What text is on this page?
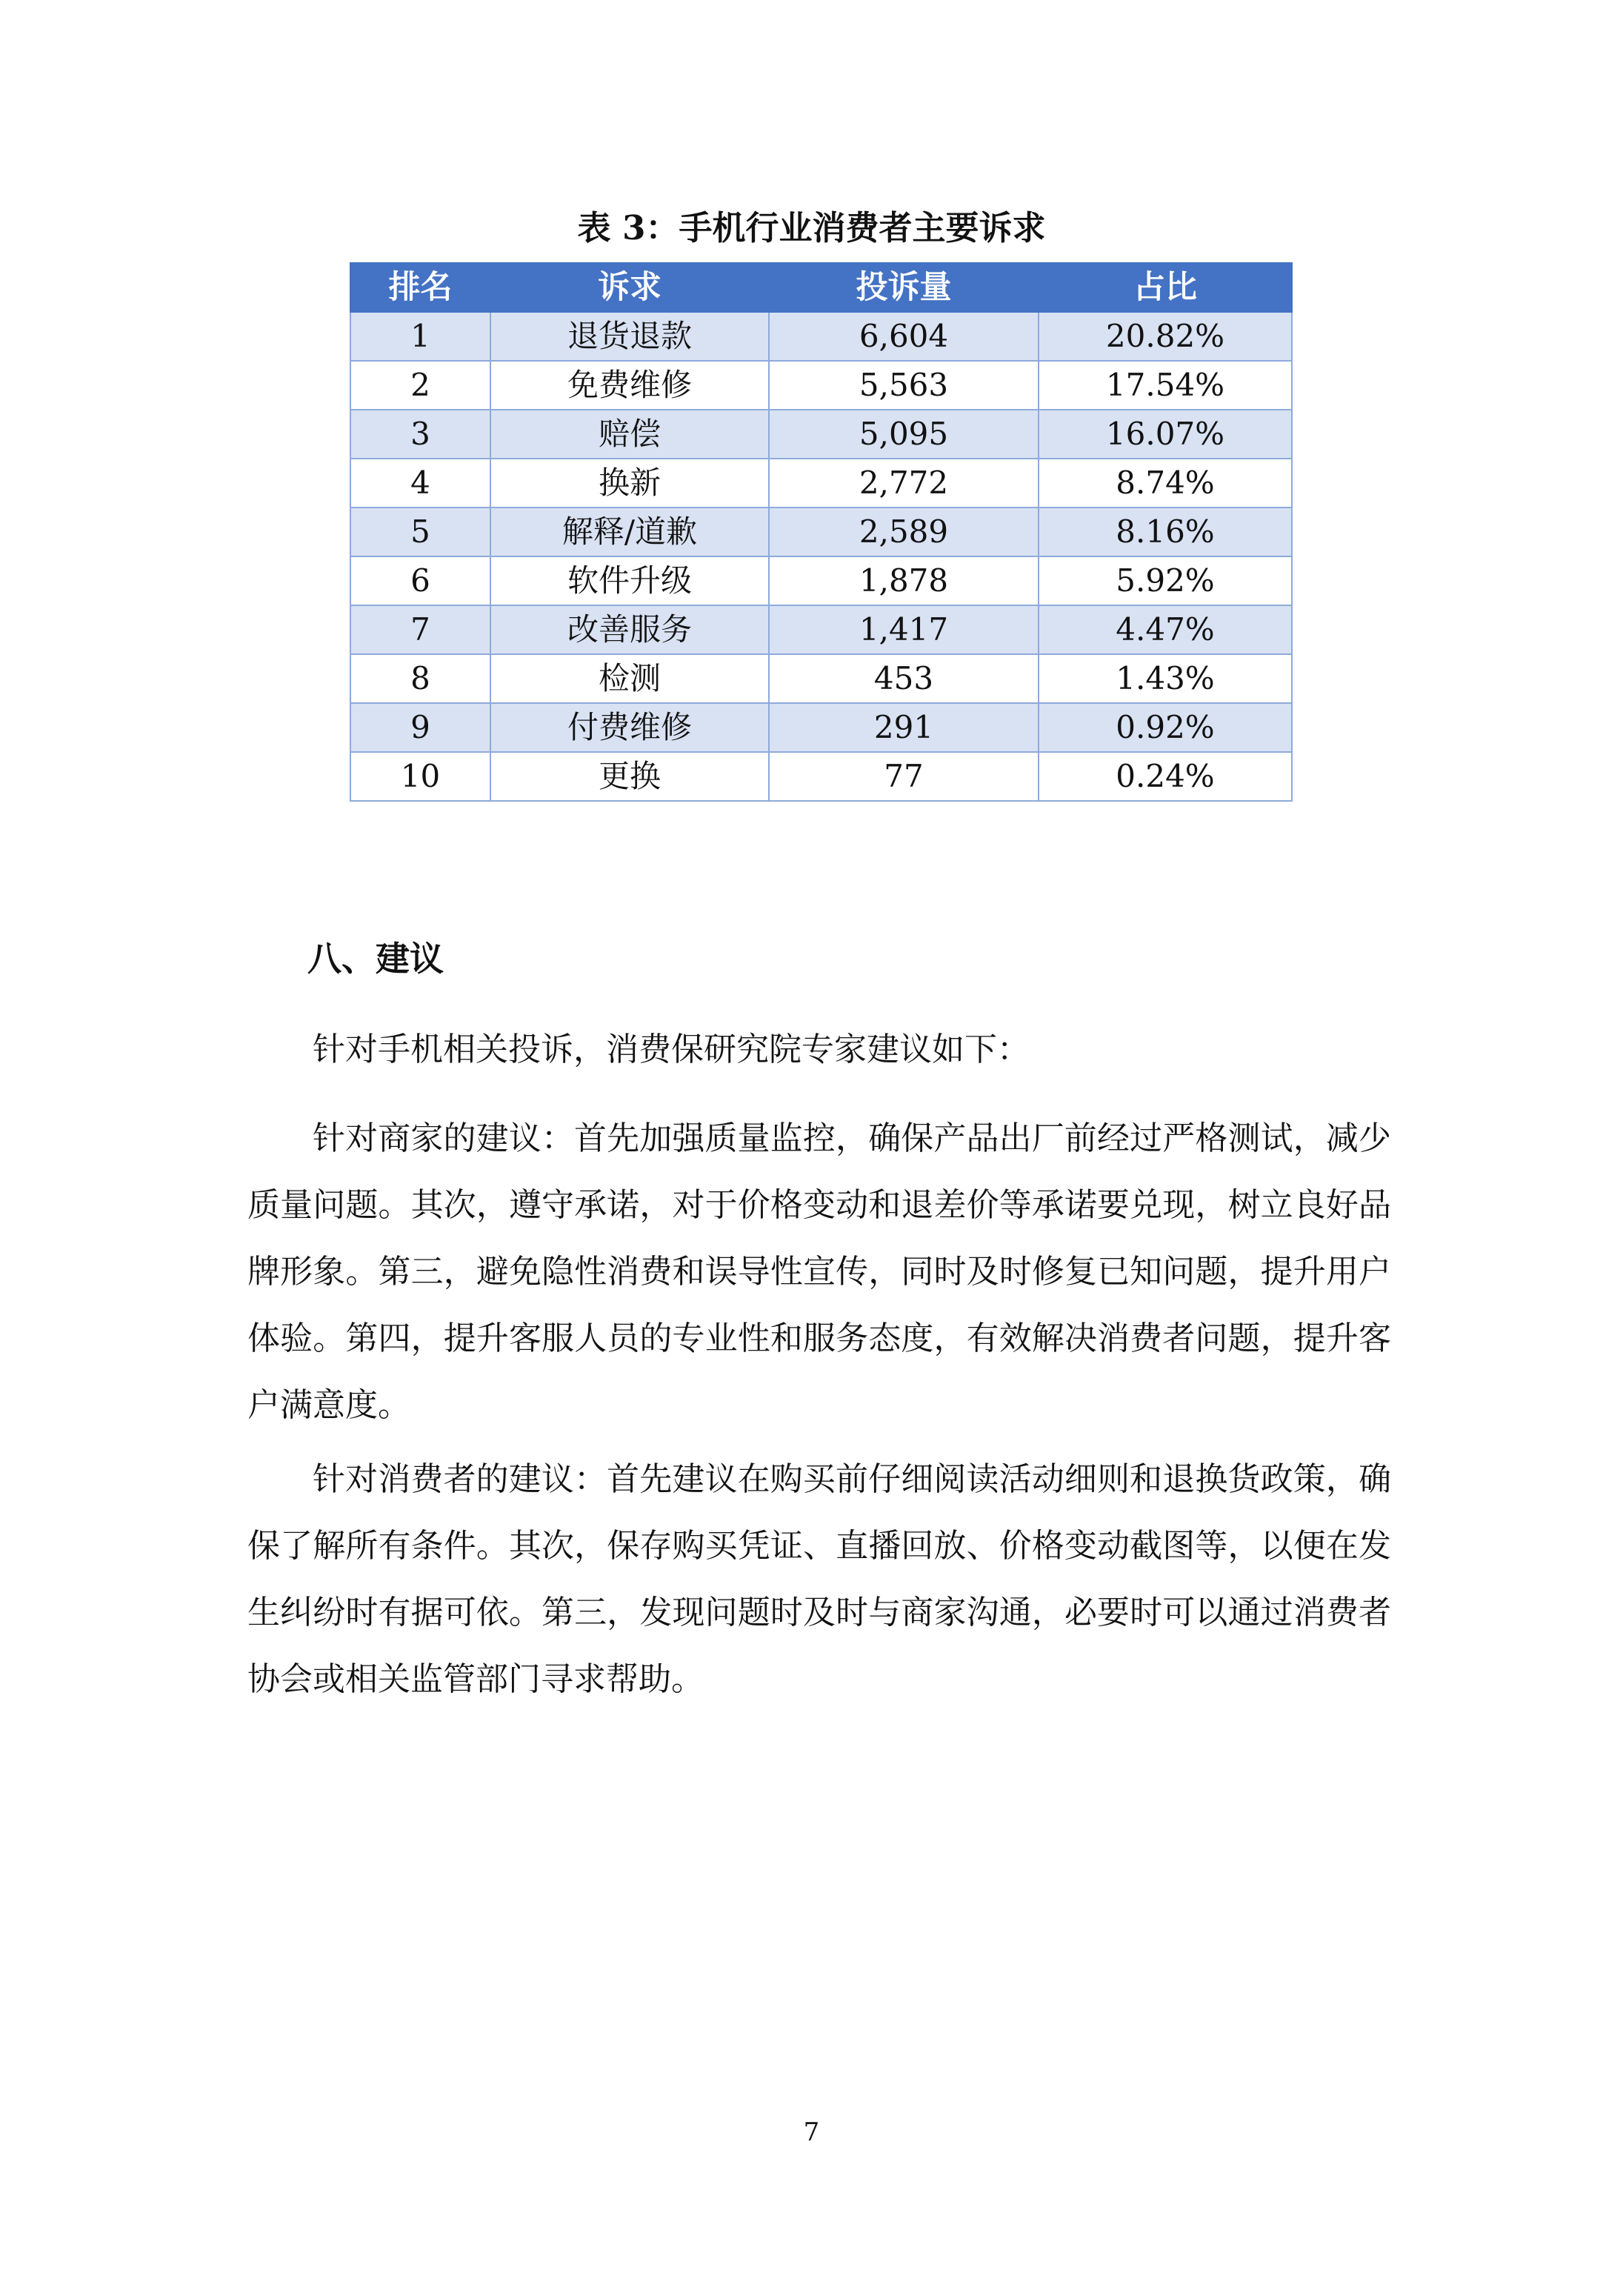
表 3：手机行业消费者主要诉求
排名	诉求	投诉量	占比
1	退货退款	6,604	20.82%
2	免费维修	5,563	17.54%
3	赔偿	5,095	16.07%
4	换新	2,772	8.74%
5	解释/道歉	2,589	8.16%
6	软件升级	1,878	5.92%
7	改善服务	1,417	4.47%
8	检测	453	1.43%
9	付费维修	291	0.92%
10	更换	77	0.24%
八、建议

针对手机相关投诉，消费保研究院专家建议如下：

针对商家的建议：首先加强质量监控，确保产品出厂前经过严格测试，减少质量问题。其次，遵守承诺，对于价格变动和退差价等承诺要兑现，树立良好品牌形象。第三，避免隐性消费和误导性宣传，同时及时修复已知问题，提升用户体验。第四，提升客服人员的专业性和服务态度，有效解决消费者问题，提升客户满意度。

针对消费者的建议：首先建议在购买前仔细阅读活动细则和退换货政策，确保了解所有条件。其次，保存购买凭证、直播回放、价格变动截图等，以便在发生纠纷时有据可依。第三，发现问题时及时与商家沟通，必要时可以通过消费者协会或相关监管部门寻求帮助。

7
